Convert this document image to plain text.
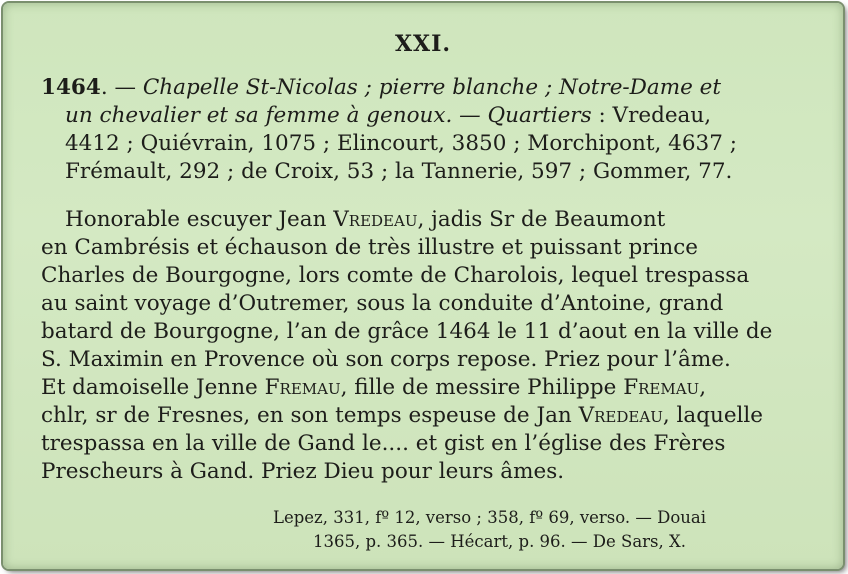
XXI.
1464. — Chapelle St-Nicolas ; pierre blanche ; Notre-Dame et
un chevalier et sa femme à genoux. — Quartiers : Vredeau,
4412 ; Quiévrain, 1075 ; Elincourt, 3850 ; Morchipont, 4637 ;
Frémault, 292 ; de Croix, 53 ; la Tannerie, 597 ; Gommer, 77.
Honorable escuyer Jean Vredeau, jadis Sr de Beaumont
en Cambrésis et échauson de très illustre et puissant prince
Charles de Bourgogne, lors comte de Charolois, lequel trespassa
au saint voyage d’Outremer, sous la conduite d’Antoine, grand
batard de Bourgogne, l’an de grâce 1464 le 11 d’aout en la ville de
S. Maximin en Provence où son corps repose. Priez pour l’âme.
Et damoiselle Jenne Fremau, fille de messire Philippe Fremau,
chlr, sr de Fresnes, en son temps espeuse de Jan Vredeau, laquelle
trespassa en la ville de Gand le.... et gist en l’église des Frères
Prescheurs à Gand. Priez Dieu pour leurs âmes.
Lepez, 331, fº 12, verso ; 358, fº 69, verso. — Douai
1365, p. 365. — Hécart, p. 96. — De Sars, X.
